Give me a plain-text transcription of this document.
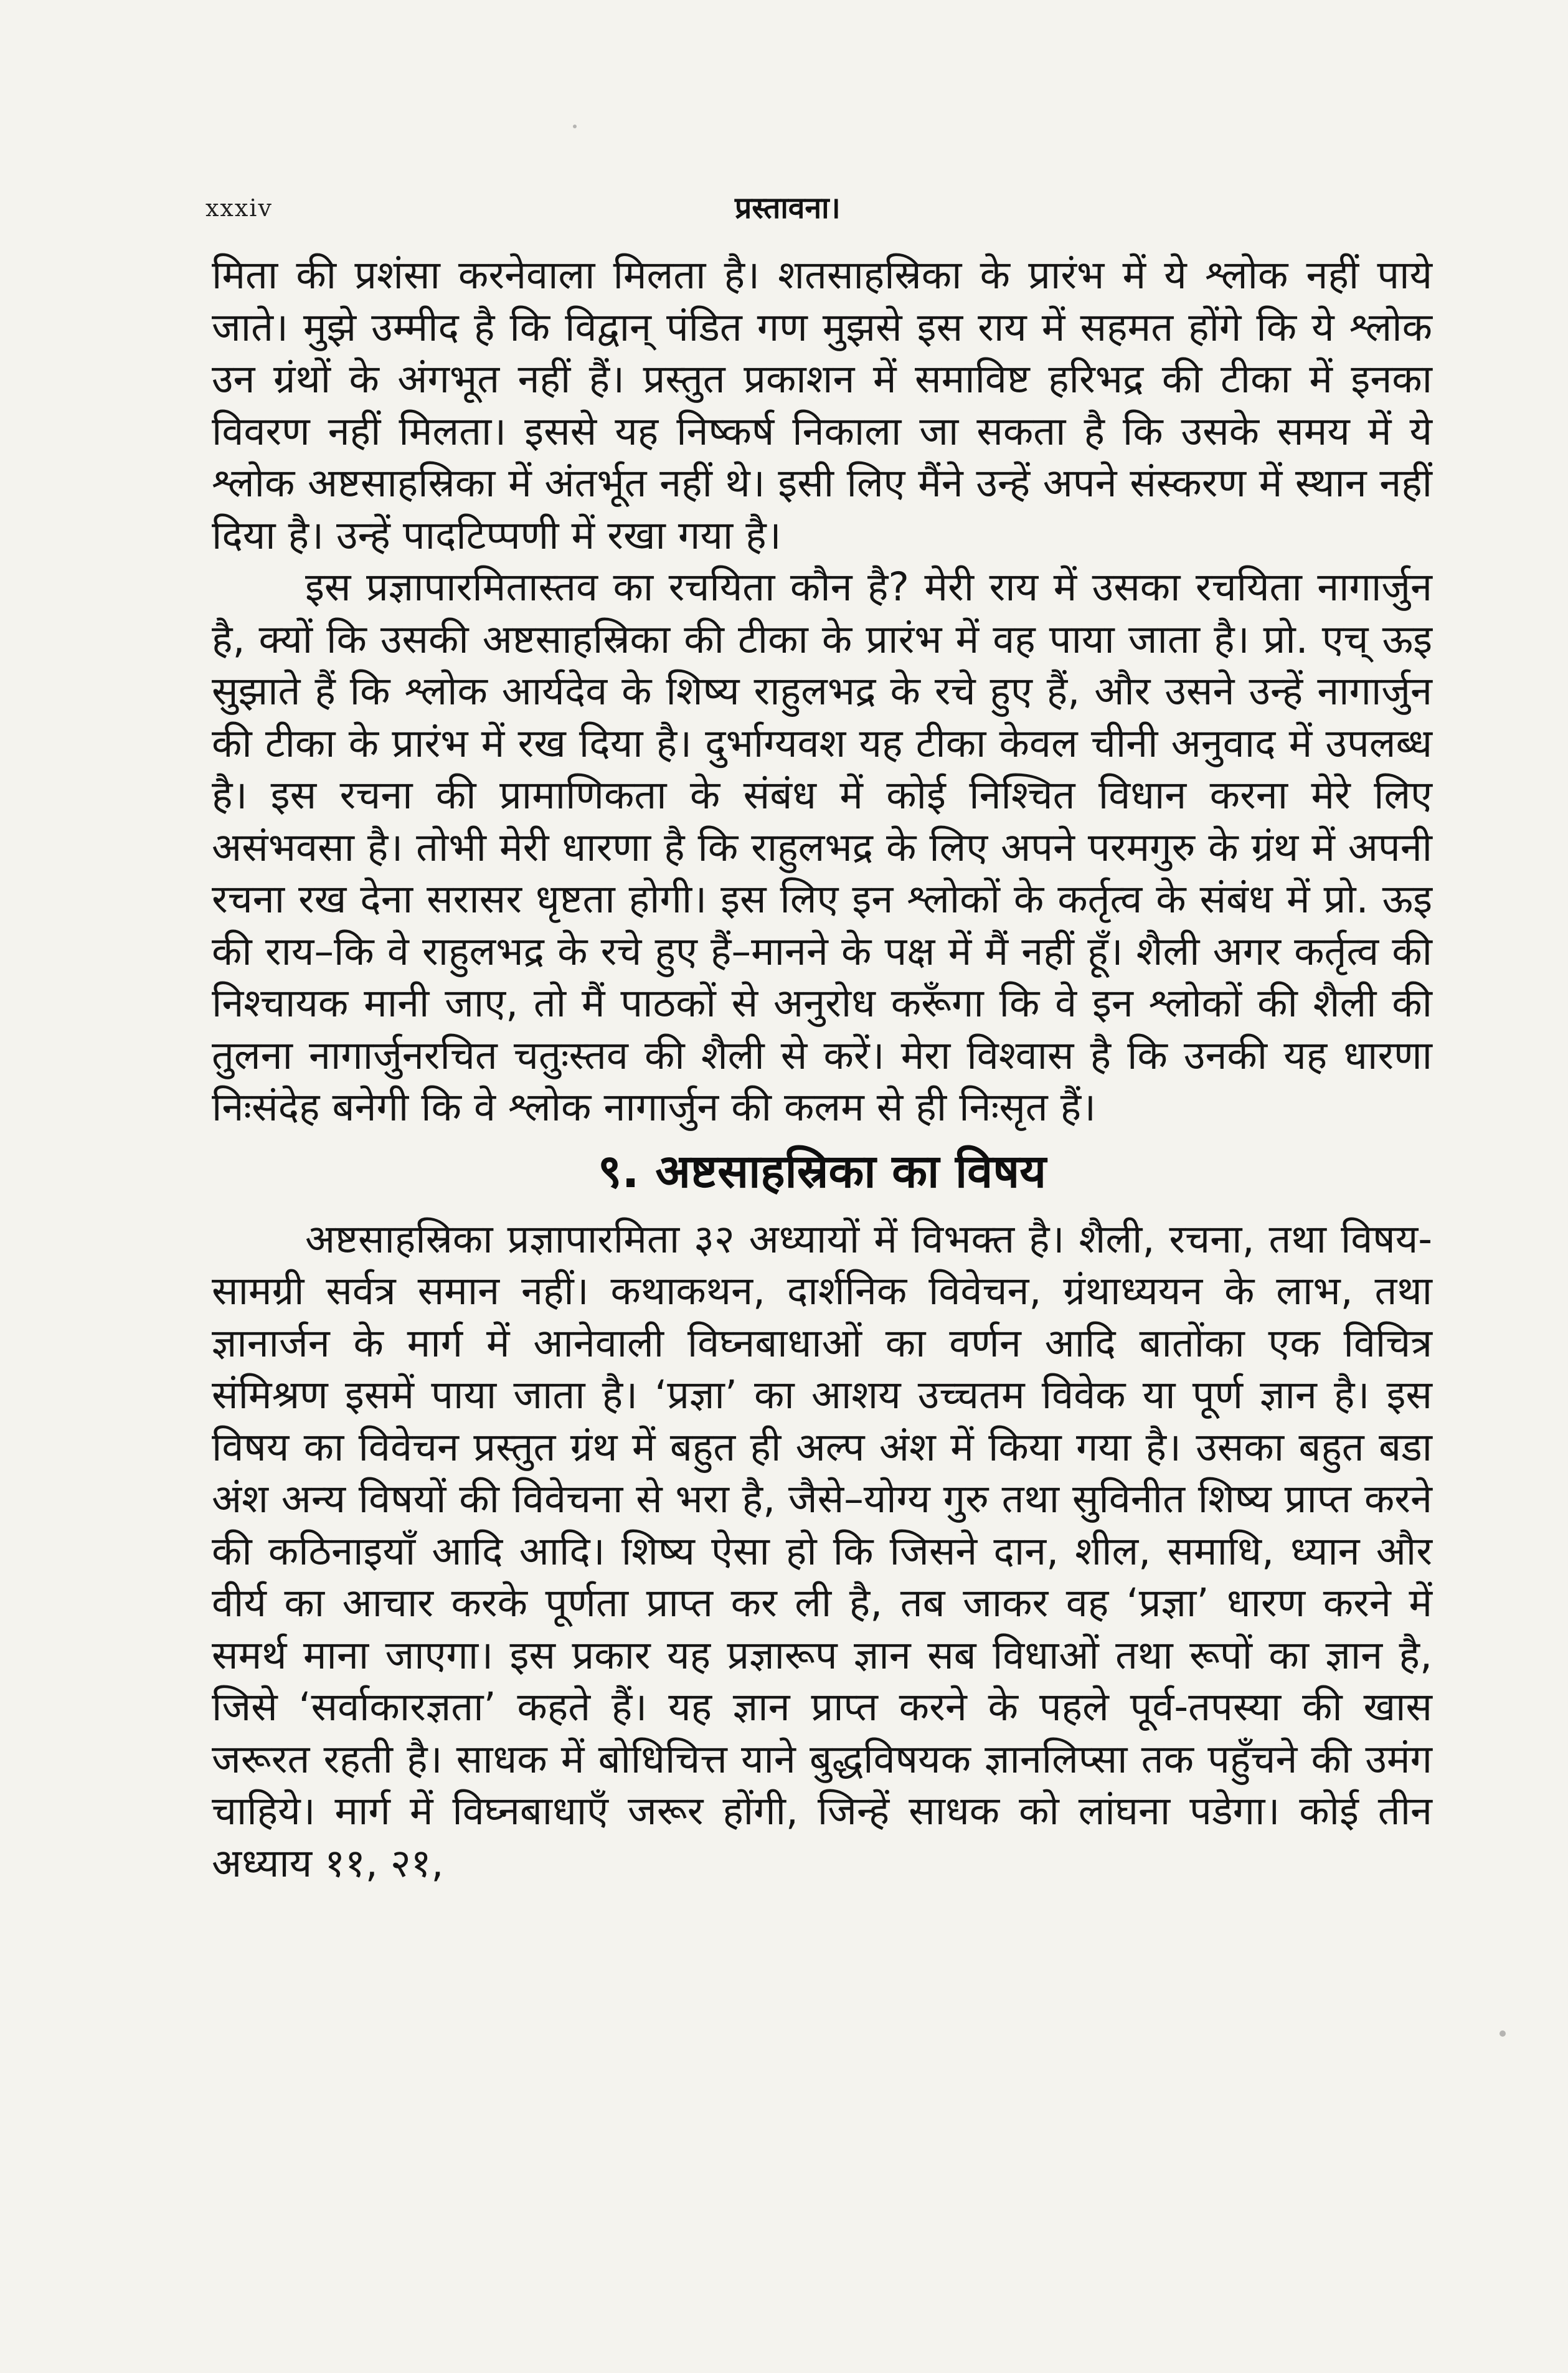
xxxiv	प्रस्तावना।

मिता की प्रशंसा करनेवाला मिलता है। शतसाहस्रिका के प्रारंभ में ये श्लोक नहीं पाये जाते। मुझे उम्मीद है कि विद्वान् पंडित गण मुझसे इस राय में सहमत होंगे कि ये श्लोक उन ग्रंथों के अंगभूत नहीं हैं। प्रस्तुत प्रकाशन में समाविष्ट हरिभद्र की टीका में इनका विवरण नहीं मिलता। इससे यह निष्कर्ष निकाला जा सकता है कि उसके समय में ये श्लोक अष्टसाहस्रिका में अंतर्भूत नहीं थे। इसी लिए मैंने उन्हें अपने संस्करण में स्थान नहीं दिया है। उन्हें पादटिप्पणी में रखा गया है।

इस प्रज्ञापारमितास्तव का रचयिता कौन है? मेरी राय में उसका रचयिता नागार्जुन है, क्यों कि उसकी अष्टसाहस्रिका की टीका के प्रारंभ में वह पाया जाता है। प्रो. एच् ऊइ सुझाते हैं कि श्लोक आर्यदेव के शिष्य राहुलभद्र के रचे हुए हैं, और उसने उन्हें नागार्जुन की टीका के प्रारंभ में रख दिया है। दुर्भाग्यवश यह टीका केवल चीनी अनुवाद में उपलब्ध है। इस रचना की प्रामाणिकता के संबंध में कोई निश्चित विधान करना मेरे लिए असंभवसा है। तोभी मेरी धारणा है कि राहुलभद्र के लिए अपने परमगुरु के ग्रंथ में अपनी रचना रख देना सरासर धृष्टता होगी। इस लिए इन श्लोकों के कर्तृत्व के संबंध में प्रो. ऊइ की राय–कि वे राहुलभद्र के रचे हुए हैं–मानने के पक्ष में मैं नहीं हूँ। शैली अगर कर्तृत्व की निश्चायक मानी जाए, तो मैं पाठकों से अनुरोध करूँगा कि वे इन श्लोकों की शैली की तुलना नागार्जुनरचित चतुःस्तव की शैली से करें। मेरा विश्वास है कि उनकी यह धारणा निःसंदेह बनेगी कि वे श्लोक नागार्जुन की कलम से ही निःसृत हैं।

९. अष्टसाहस्रिका का विषय

अष्टसाहस्रिका प्रज्ञापारमिता ३२ अध्यायों में विभक्त है। शैली, रचना, तथा विषय-सामग्री सर्वत्र समान नहीं। कथाकथन, दार्शनिक विवेचन, ग्रंथाध्ययन के लाभ, तथा ज्ञानार्जन के मार्ग में आनेवाली विघ्नबाधाओं का वर्णन आदि बातोंका एक विचित्र संमिश्रण इसमें पाया जाता है। ‘प्रज्ञा’ का आशय उच्चतम विवेक या पूर्ण ज्ञान है। इस विषय का विवेचन प्रस्तुत ग्रंथ में बहुत ही अल्प अंश में किया गया है। उसका बहुत बडा अंश अन्य विषयों की विवेचना से भरा है, जैसे–योग्य गुरु तथा सुविनीत शिष्य प्राप्त करने की कठिनाइयाँ आदि आदि। शिष्य ऐसा हो कि जिसने दान, शील, समाधि, ध्यान और वीर्य का आचार करके पूर्णता प्राप्त कर ली है, तब जाकर वह ‘प्रज्ञा’ धारण करने में समर्थ माना जाएगा। इस प्रकार यह प्रज्ञारूप ज्ञान सब विधाओं तथा रूपों का ज्ञान है, जिसे ‘सर्वाकारज्ञता’ कहते हैं। यह ज्ञान प्राप्त करने के पहले पूर्व-तपस्या की खास जरूरत रहती है। साधक में बोधिचित्त याने बुद्धविषयक ज्ञानलिप्सा तक पहुँचने की उमंग चाहिये। मार्ग में विघ्नबाधाएँ जरूर होंगी, जिन्हें साधक को लांघना पडेगा। कोई तीन अध्याय ११, २१,
